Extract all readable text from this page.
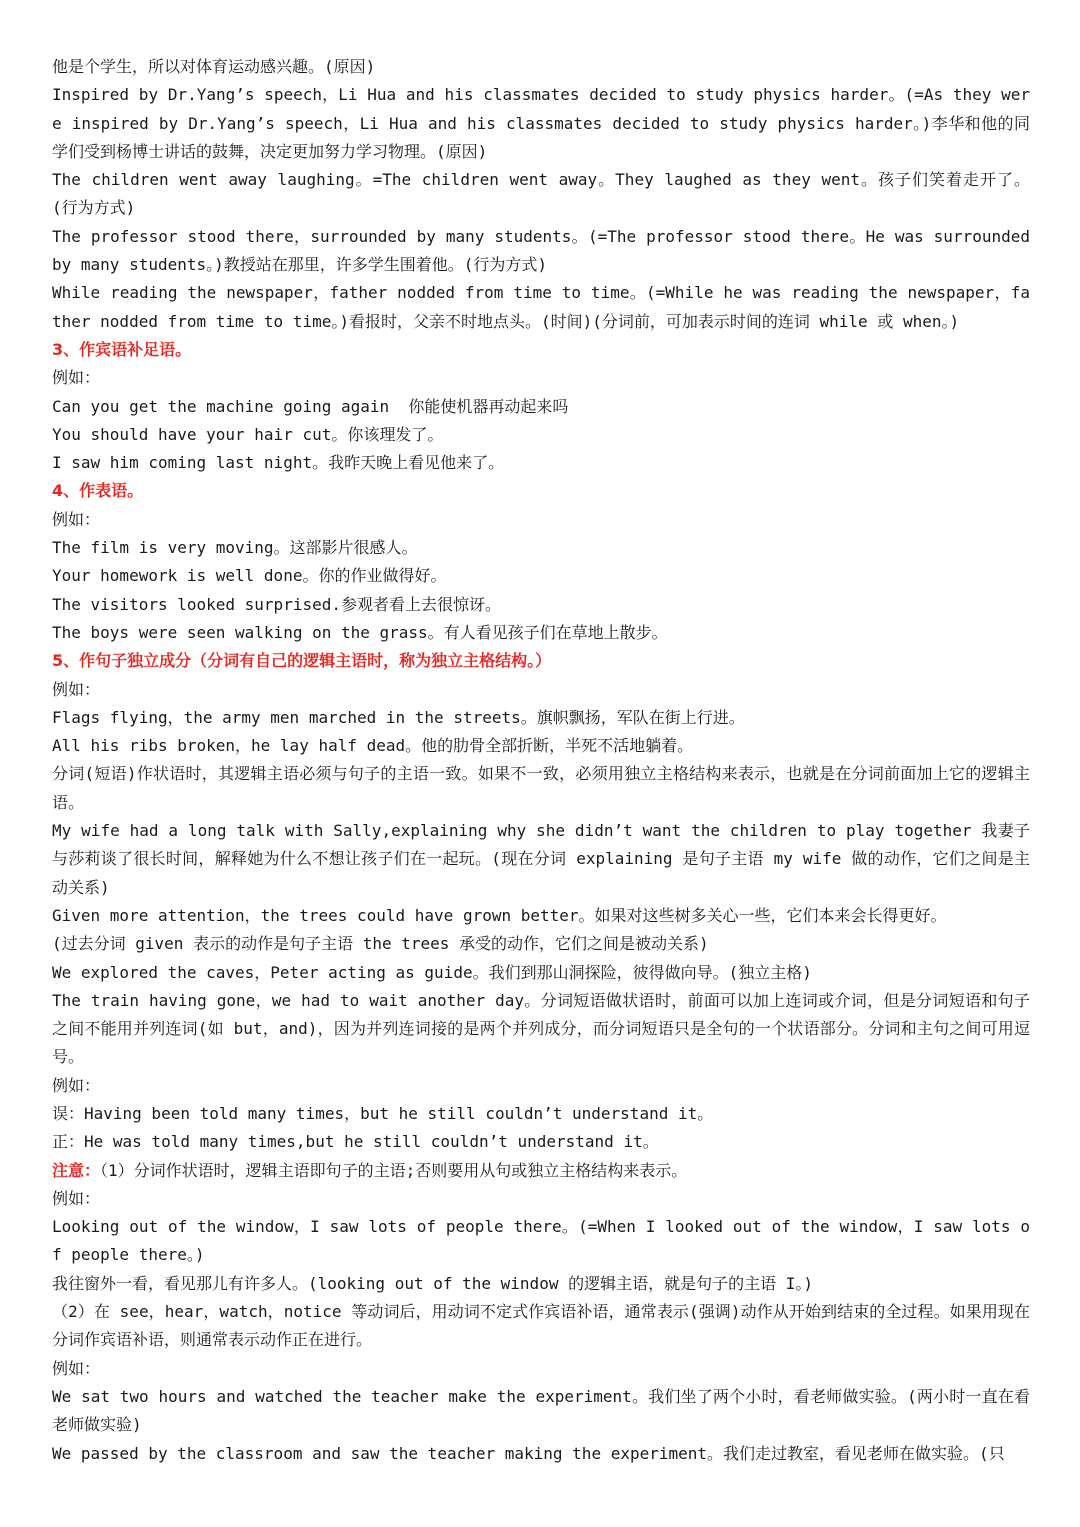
他是个学生，所以对体育运动感兴趣。(原因)

Inspired by Dr.Yang’s speech，Li Hua and his classmates decided to study physics harder。(=As they were inspired by Dr.Yang’s speech，Li Hua and his classmates decided to study physics harder。)李华和他的同学们受到杨博士讲话的鼓舞，决定更加努力学习物理。(原因)

The children went away laughing。=The children went away。They laughed as they went。孩子们笑着走开了。(行为方式)

The professor stood there，surrounded by many students。(=The professor stood there。He was surrounded by many students。)教授站在那里，许多学生围着他。(行为方式)

While reading the newspaper，father nodded from time to time。(=While he was reading the newspaper，father nodded from time to time。)看报时，父亲不时地点头。(时间)(分词前，可加表示时间的连词 while 或 when。)

3、作宾语补足语。

例如：

Can you get the machine going again  你能使机器再动起来吗

You should have your hair cut。你该理发了。

I saw him coming last night。我昨天晚上看见他来了。

4、作表语。

例如：

The film is very moving。这部影片很感人。

Your homework is well done。你的作业做得好。

The visitors looked surprised.参观者看上去很惊讶。

The boys were seen walking on the grass。有人看见孩子们在草地上散步。

5、作句子独立成分（分词有自己的逻辑主语时，称为独立主格结构。）

例如：

Flags flying，the army men marched in the streets。旗帜飘扬，军队在街上行进。

All his ribs broken，he lay half dead。他的肋骨全部折断，半死不活地躺着。

分词(短语)作状语时，其逻辑主语必须与句子的主语一致。如果不一致，必须用独立主格结构来表示，也就是在分词前面加上它的逻辑主语。

My wife had a long talk with Sally,explaining why she didn’t want the children to play together 我妻子与莎莉谈了很长时间，解释她为什么不想让孩子们在一起玩。(现在分词 explaining 是句子主语 my wife 做的动作，它们之间是主动关系)

Given more attention，the trees could have grown better。如果对这些树多关心一些，它们本来会长得更好。

(过去分词 given 表示的动作是句子主语 the trees 承受的动作，它们之间是被动关系)

We explored the caves，Peter acting as guide。我们到那山洞探险，彼得做向导。(独立主格)

The train having gone，we had to wait another day。分词短语做状语时，前面可以加上连词或介词，但是分词短语和句子之间不能用并列连词(如 but，and)，因为并列连词接的是两个并列成分，而分词短语只是全句的一个状语部分。分词和主句之间可用逗号。

例如：

误：Having been told many times，but he still couldn’t understand it。

正：He was told many times,but he still couldn’t understand it。

注意：（1）分词作状语时，逻辑主语即句子的主语;否则要用从句或独立主格结构来表示。

例如：

Looking out of the window，I saw lots of people there。(=When I looked out of the window，I saw lots of people there。)

我往窗外一看，看见那儿有许多人。(looking out of the window 的逻辑主语，就是句子的主语 I。)

（2）在 see，hear，watch，notice 等动词后，用动词不定式作宾语补语，通常表示(强调)动作从开始到结束的全过程。如果用现在分词作宾语补语，则通常表示动作正在进行。

例如：

We sat two hours and watched the teacher make the experiment。我们坐了两个小时，看老师做实验。(两小时一直在看老师做实验)

We passed by the classroom and saw the teacher making the experiment。我们走过教室，看见老师在做实验。(只
